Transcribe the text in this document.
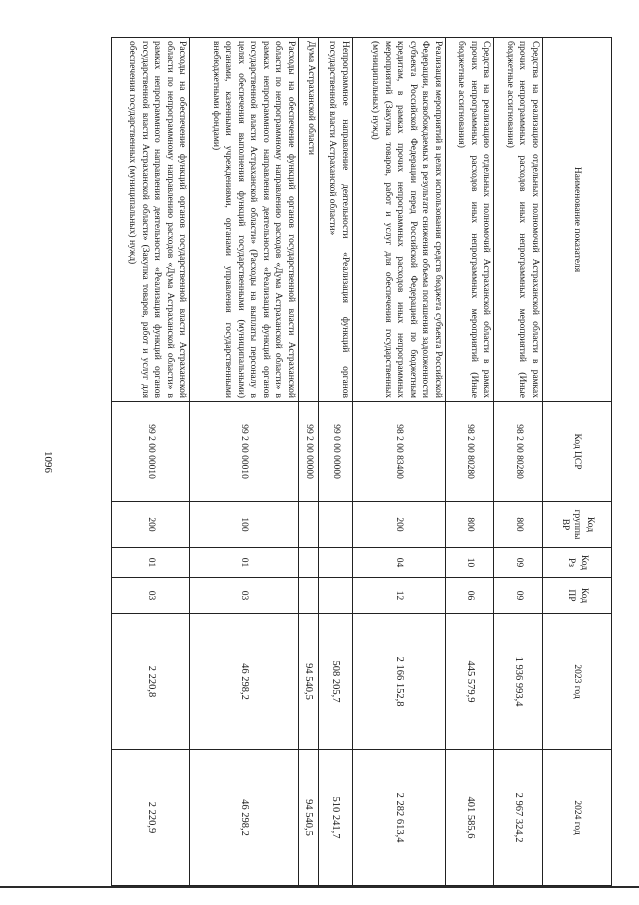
1096
Наименование показателя	Код ЦСР	Код группы ВР	Код Рз	Код ПР	2023 год	2024 год
Средства на реализацию отдельных полномочий Астраханской области в рамках прочих непрограммных расходов иных непрограммных мероприятий (Иные бюджетные ассигнования)	98 2 00 80280	800	09	09	1 936 993,4	2 967 324,2
Средства на реализацию отдельных полномочий Астраханской области в рамках прочих непрограммных расходов иных непрограммных мероприятий (Иные бюджетные ассигнования)	98 2 00 80280	800	10	06	445 579,9	401 585,6
Реализация мероприятий в целях использования средств бюджета субъекта Российской Федерации, высвобождаемых в результате снижения объема погашения задолженности субъекта Российской Федерации перед Российской Федерацией по бюджетным кредитам, в рамках прочих непрограммных расходов иных непрограммных мероприятий (Закупка товаров, работ и услуг для обеспечения государственных (муниципальных) нужд)	98 2 00 83400	200	04	12	2 166 152,8	2 282 613,4
Непрограммное направление деятельности «Реализация функций органов государственной власти Астраханской области»	99 0 00 00000				508 205,7	510 241,7
Дума Астраханской области	99 2 00 00000				94 540,5	94 540,5
Расходы на обеспечение функций органов государственной власти Астраханской области по непрограммному направлению расходов «Дума Астраханской области» в рамках непрограммного направления деятельности «Реализация функций органов государственной власти Астраханской области» (Расходы на выплаты персоналу в целях обеспечения выполнения функций государственными (муниципальными) органами, казенными учреждениями, органами управления государственными внебюджетными фондами)	99 2 00 00010	100	01	03	46 298,2	46 298,2
Расходы на обеспечение функций органов государственной власти Астраханской области по непрограммному направлению расходов «Дума Астраханской области» в рамках непрограммного направления деятельности «Реализация функций органов государственной власти Астраханской области» (Закупка товаров, работ и услуг для обеспечения государственных (муниципальных) нужд)	99 2 00 00010	200	01	03	2 220,8	2 220,9
